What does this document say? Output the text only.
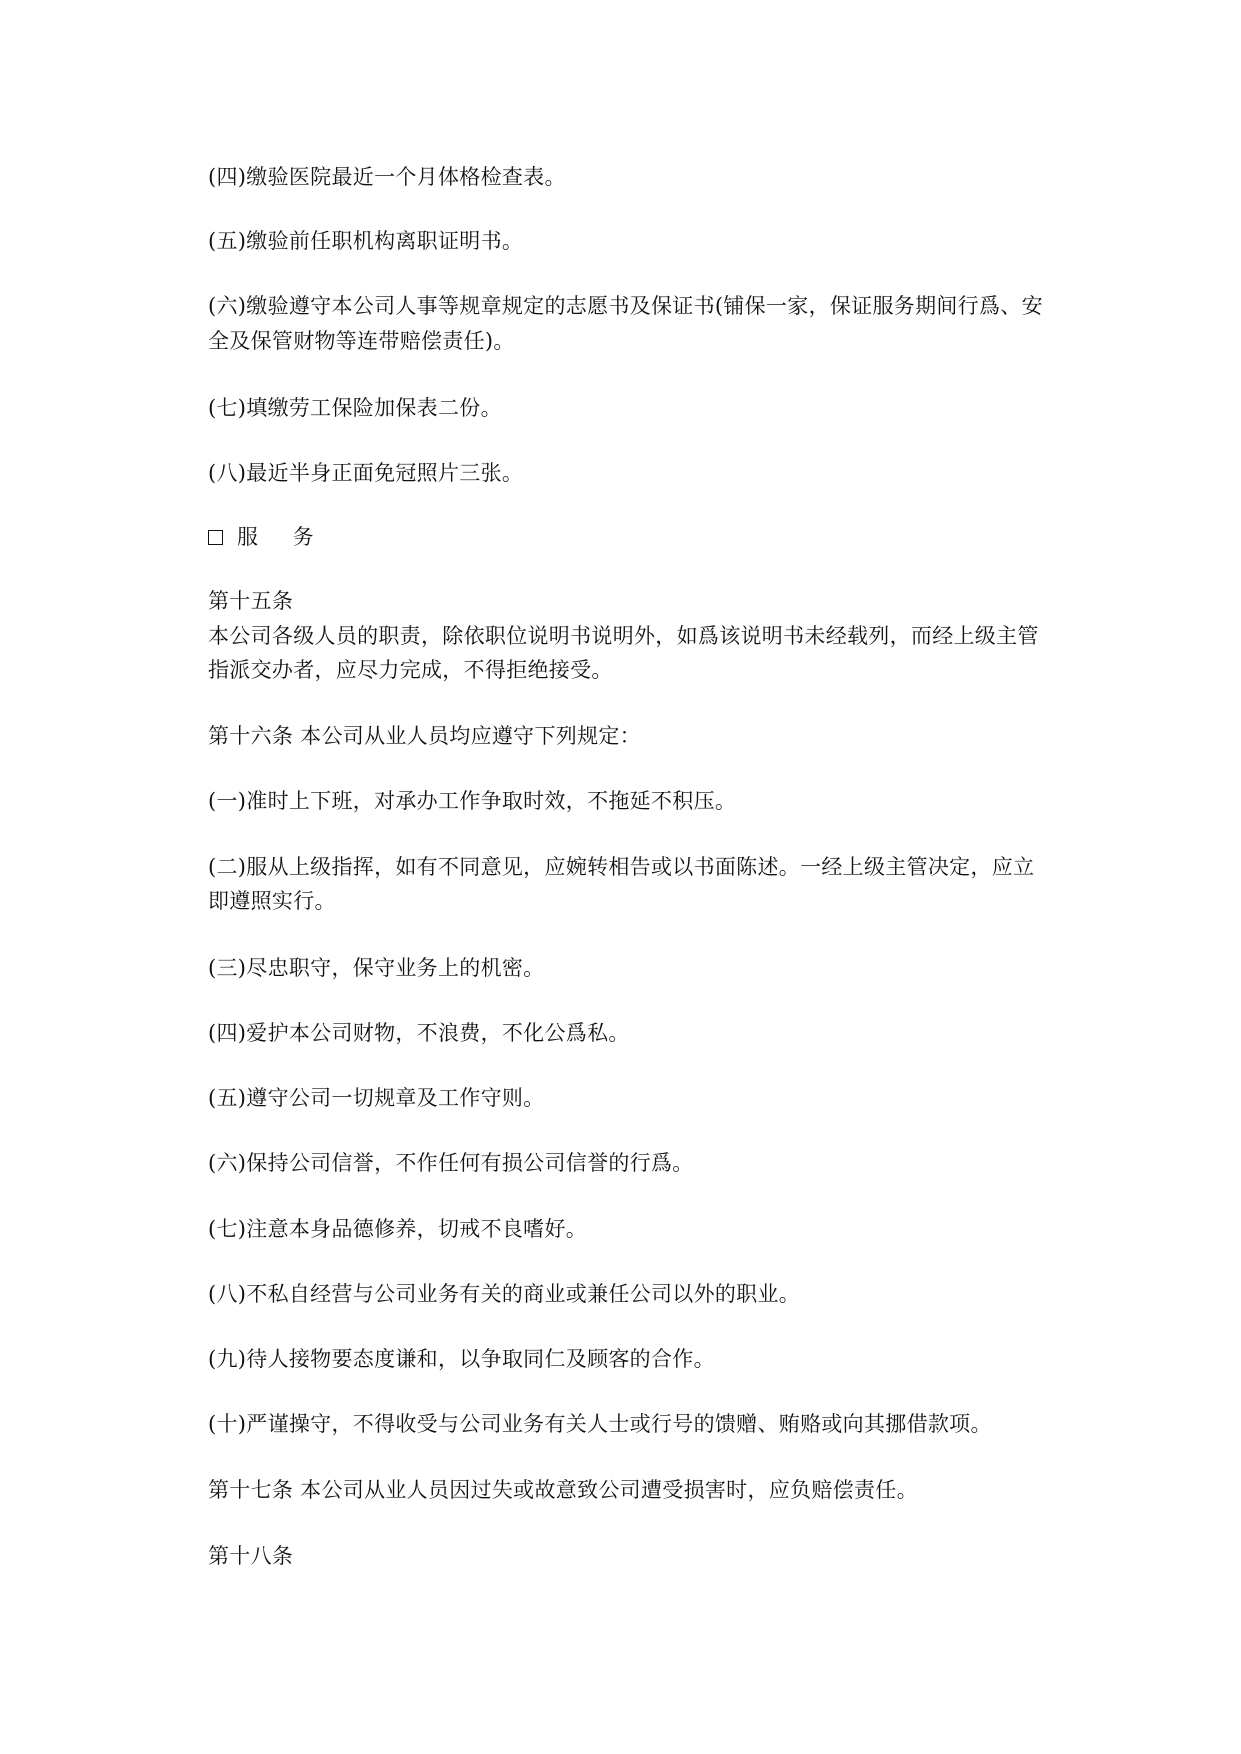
(四)缴验医院最近一个月体格检查表。
(五)缴验前任职机构离职证明书。
(六)缴验遵守本公司人事等规章规定的志愿书及保证书(铺保一家，保证服务期间行爲、安
全及保管财物等连带赔偿责任)。
(七)填缴劳工保险加保表二份。
(八)最近半身正面免冠照片三张。
服 务
第十五条
本公司各级人员的职责，除依职位说明书说明外，如爲该说明书未经载列，而经上级主管
指派交办者，应尽力完成，不得拒绝接受。
第十六条 本公司从业人员均应遵守下列规定：
(一)准时上下班，对承办工作争取时效，不拖延不积压。
(二)服从上级指挥，如有不同意见，应婉转相告或以书面陈述。一经上级主管决定，应立
即遵照实行。
(三)尽忠职守，保守业务上的机密。
(四)爱护本公司财物，不浪费，不化公爲私。
(五)遵守公司一切规章及工作守则。
(六)保持公司信誉，不作任何有损公司信誉的行爲。
(七)注意本身品德修养，切戒不良嗜好。
(八)不私自经营与公司业务有关的商业或兼任公司以外的职业。
(九)待人接物要态度谦和，以争取同仁及顾客的合作。
(十)严谨操守，不得收受与公司业务有关人士或行号的馈赠、贿赂或向其挪借款项。
第十七条 本公司从业人员因过失或故意致公司遭受损害时，应负赔偿责任。
第十八条
